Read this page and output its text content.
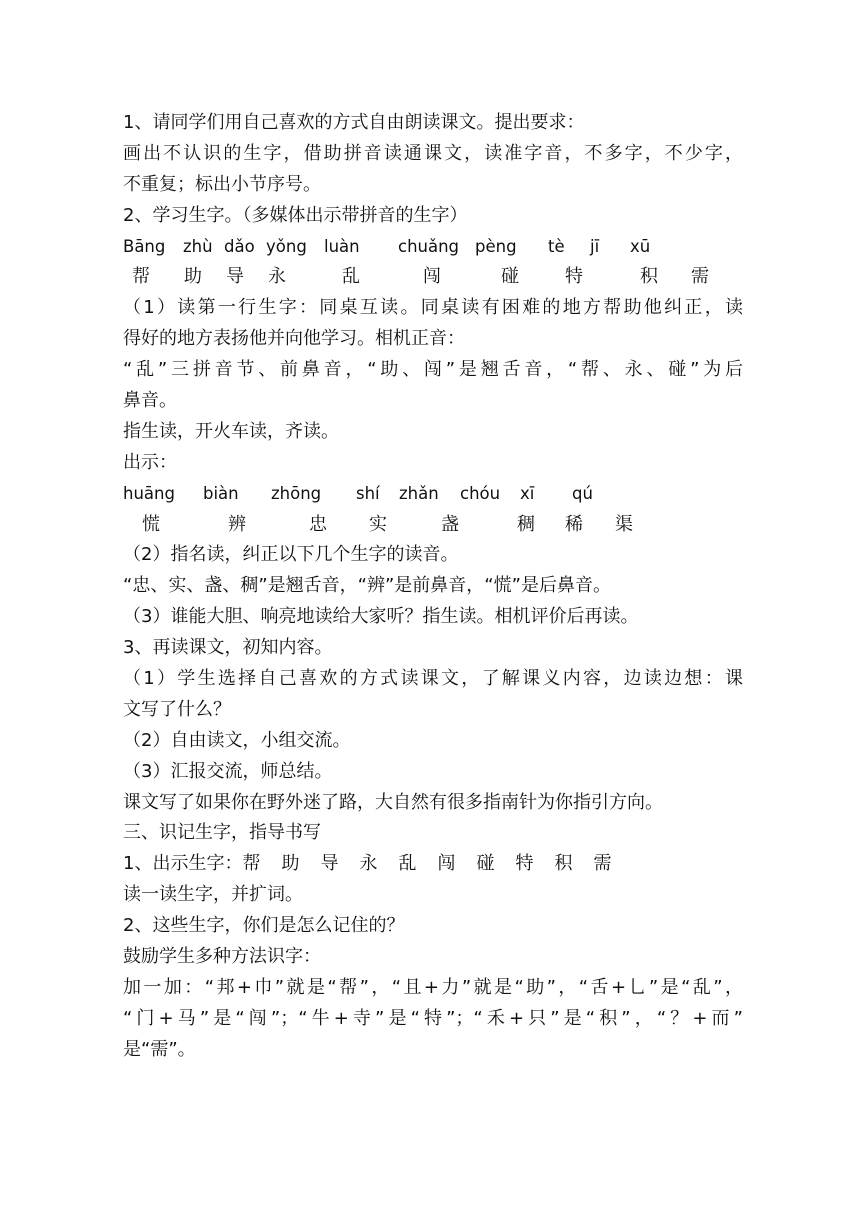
1、请同学们用自己喜欢的方式自由朗读课文。提出要求：
画出不认识的生字，借助拼音读通课文，读准字音，不多字，不少字，
不重复；标出小节序号。
2、学习生字。（多媒体出示带拼音的生字）
Bāng zhù dǎo yǒng luàn chuǎng pèng tè jī xū
帮 助 导 永	乱	闯	碰	特	积 需
（1）读第一行生字：同桌互读。同桌读有困难的地方帮助他纠正，读
得好的地方表扬他并向他学习。相机正音：
“乱”三拼音节、前鼻音，“助、闯”是翘舌音，“帮、永、碰”为后
鼻音。
指生读，开火车读，齐读。
出示：
huāng biàn zhōng shí zhǎn chóu xī qú
慌	辨	忠 实	盏	稠 稀 渠
（2）指名读，纠正以下几个生字的读音。
“忠、实、盏、稠”是翘舌音，“辨”是前鼻音，“慌”是后鼻音。
（3）谁能大胆、响亮地读给大家听？指生读。相机评价后再读。
3、再读课文，初知内容。
（1）学生选择自己喜欢的方式读课文，了解课义内容，边读边想：课
文写了什么？
（2）自由读文，小组交流。
（3）汇报交流，师总结。
课文写了如果你在野外迷了路，大自然有很多指南针为你指引方向。
三、识记生字，指导书写
1、出示生字：帮 助 导 永 乱 闯 碰 特 积 需
读一读生字，并扩词。
2、这些生字，你们是怎么记住的？
鼓励学生多种方法识字：
加一加：“邦+巾”就是“帮”，“且+力”就是“助”，“舌+乚”是“乱”，
“门+马”是“闯”；“牛+寺”是“特”；“禾+只”是“积”，“？+而”
是“需”。
